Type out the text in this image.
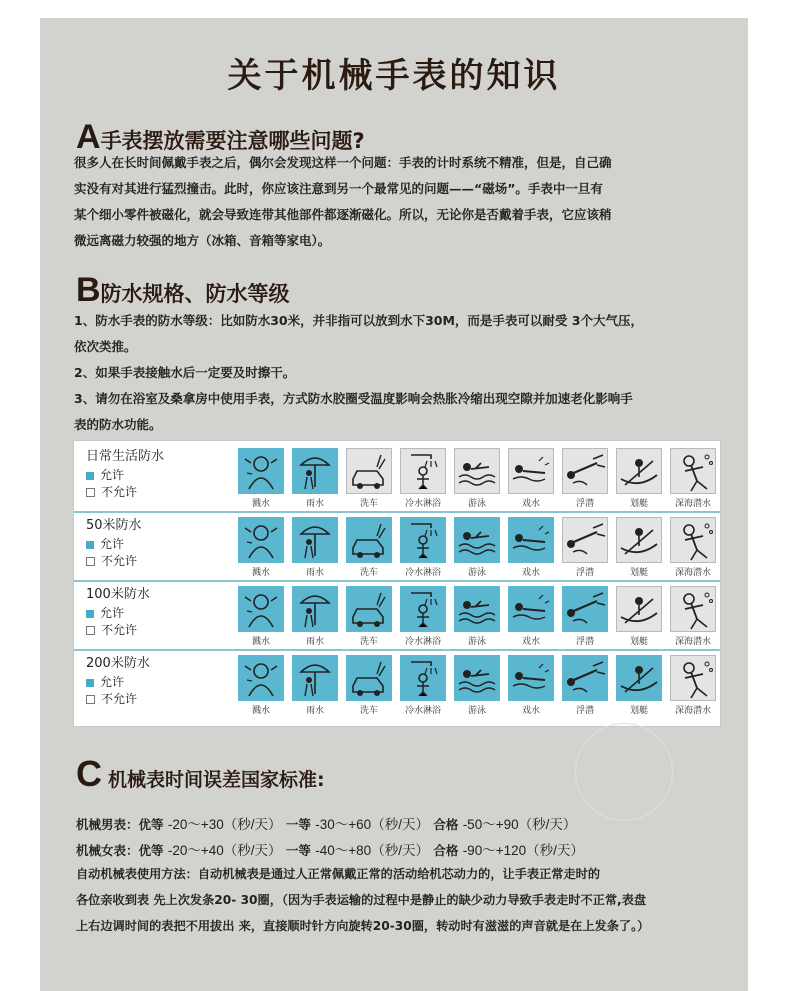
关于机械手表的知识
A 手表摆放需要注意哪些问题?

很多人在长时间佩戴手表之后，偶尔会发现这样一个问题：手表的计时系统不精准，但是，自己确

实没有对其进行猛烈撞击。此时，你应该注意到另一个最常见的问题——“磁场”。手表中一旦有

某个细小零件被磁化，就会导致连带其他部件都逐渐磁化。所以，无论你是否戴着手表，它应该稍

微远离磁力较强的地方（冰箱、音箱等家电）。

B 防水规格、防水等级

1、防水手表的防水等级：比如防水30米，并非指可以放到水下30M，而是手表可以耐受 3个大气压，

依次类推。

2、如果手表接触水后一定要及时擦干。

3、请勿在浴室及桑拿房中使用手表，方式防水胶圈受温度影响会热胀冷缩出现空隙并加速老化影响手

表的防水功能。

日常生活防水
允许
不允许
溅水	雨水	洗车	冷水淋浴	游泳	戏水	浮潜	划艇	深海潜水
50米防水
允许
不允许
溅水	雨水	洗车	冷水淋浴	游泳	戏水	浮潜	划艇	深海潜水
100米防水
允许
不允许
溅水	雨水	洗车	冷水淋浴	游泳	戏水	浮潜	划艇	深海潜水
200米防水
允许
不允许
溅水	雨水	洗车	冷水淋浴	游泳	戏水	浮潜	划艇	深海潜水
C 机械表时间误差国家标准:
机械男表：优等 -20～+30（秒/天） 一等 -30～+60（秒/天） 合格 -50～+90（秒/天）
机械女表：优等 -20～+40（秒/天） 一等 -40～+80（秒/天） 合格 -90～+120（秒/天）

自动机械表使用方法：自动机械表是通过人正常佩戴正常的活动给机芯动力的，让手表正常走时的

各位亲收到表 先上次发条20- 30圈，（因为手表运输的过程中是静止的缺少动力导致手表走时不正常,表盘

上右边调时间的表把不用拔出 来，直接顺时针方向旋转20-30圈，转动时有滋滋的声音就是在上发条了。）
